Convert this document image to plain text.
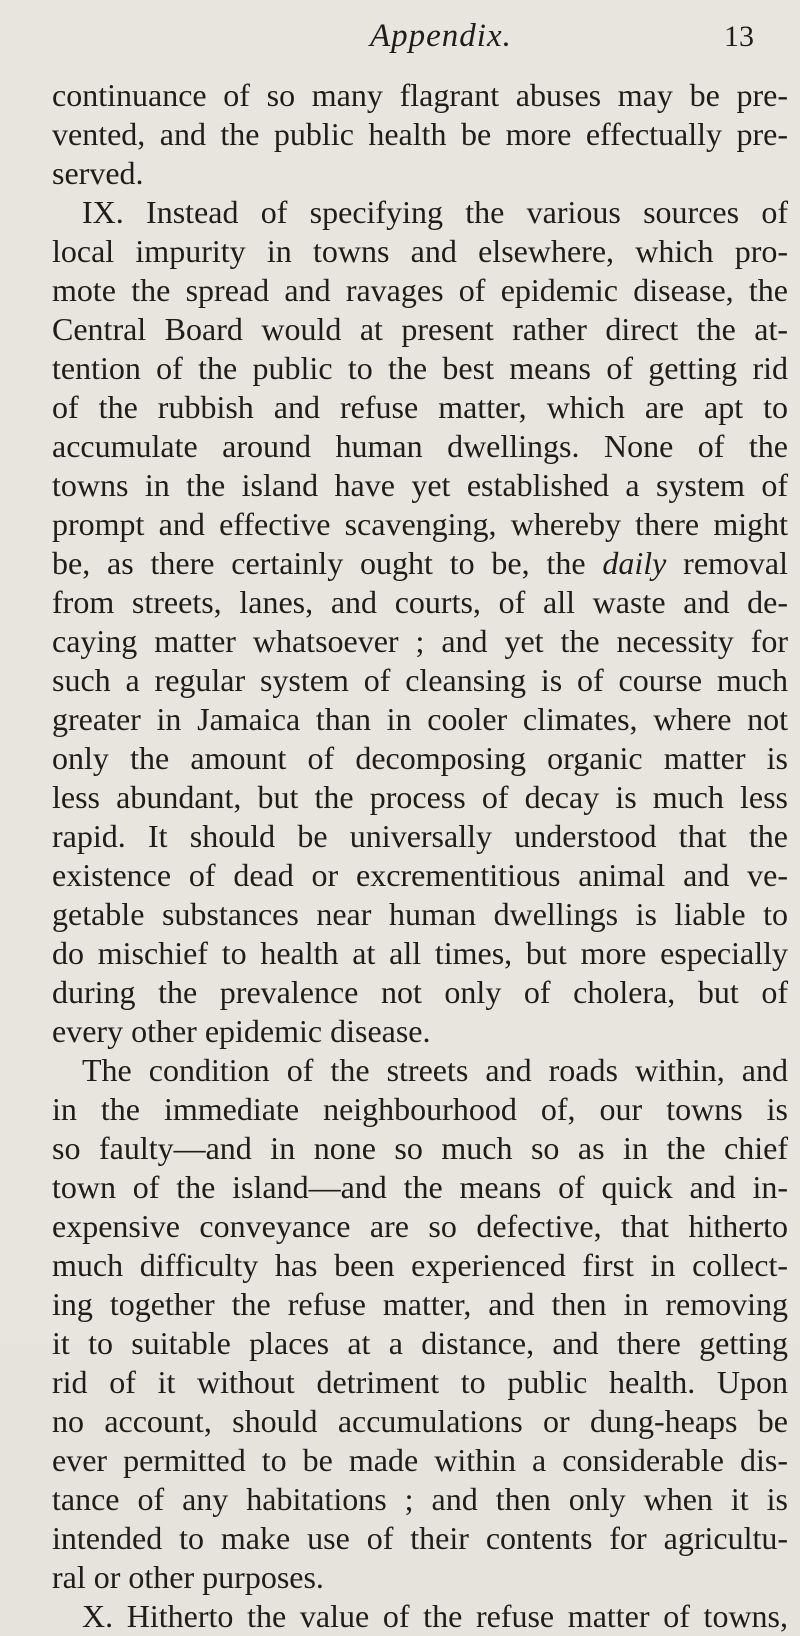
Appendix.	13
continuance of so many flagrant abuses may be pre-
vented, and the public health be more effectually pre-
served.
IX. Instead of specifying the various sources of
local impurity in towns and elsewhere, which pro-
mote the spread and ravages of epidemic disease, the
Central Board would at present rather direct the at-
tention of the public to the best means of getting rid
of the rubbish and refuse matter, which are apt to
accumulate around human dwellings. None of the
towns in the island have yet established a system of
prompt and effective scavenging, whereby there might
be, as there certainly ought to be, the daily removal
from streets, lanes, and courts, of all waste and de-
caying matter whatsoever ; and yet the necessity for
such a regular system of cleansing is of course much
greater in Jamaica than in cooler climates, where not
only the amount of decomposing organic matter is
less abundant, but the process of decay is much less
rapid. It should be universally understood that the
existence of dead or excrementitious animal and ve-
getable substances near human dwellings is liable to
do mischief to health at all times, but more especially
during the prevalence not only of cholera, but of
every other epidemic disease.
The condition of the streets and roads within, and
in the immediate neighbourhood of, our towns is
so faulty—and in none so much so as in the chief
town of the island—and the means of quick and in-
expensive conveyance are so defective, that hitherto
much difficulty has been experienced first in collect-
ing together the refuse matter, and then in removing
it to suitable places at a distance, and there getting
rid of it without detriment to public health. Upon
no account, should accumulations or dung-heaps be
ever permitted to be made within a considerable dis-
tance of any habitations ; and then only when it is
intended to make use of their contents for agricultu-
ral or other purposes.
X. Hitherto the value of the refuse matter of towns,
